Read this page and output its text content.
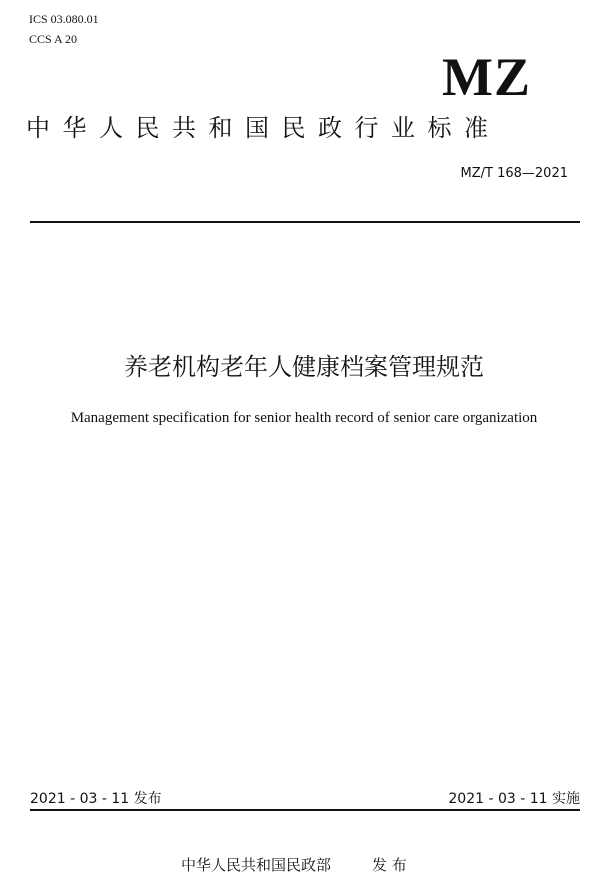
ICS 03.080.01
CCS A 20
MZ
中华人民共和国民政行业标准
MZ/T 168—2021
养老机构老年人健康档案管理规范
Management specification for senior health record of senior care organization
2021 - 03 - 11 发布	2021 - 03 - 11 实施
中华人民共和国民政部	发 布
